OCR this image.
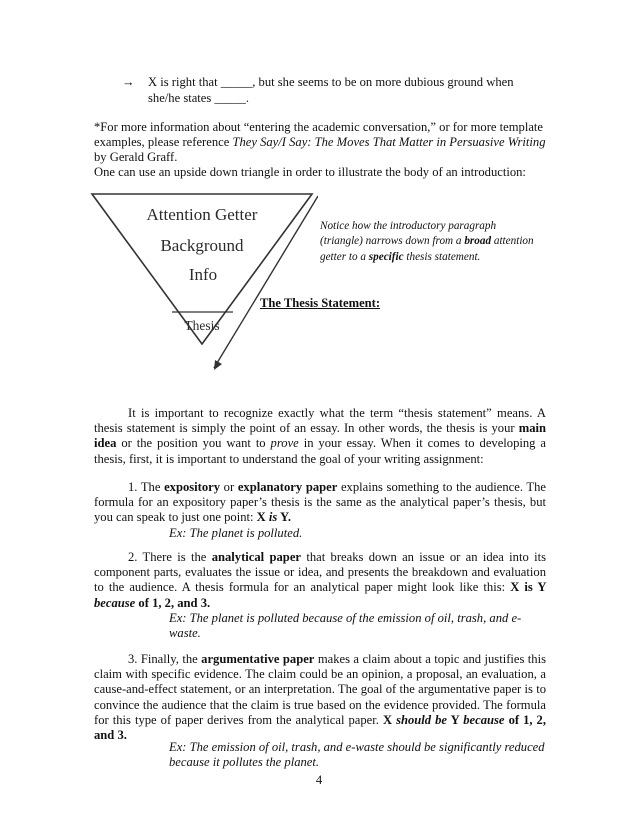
→ X is right that _____, but she seems to be on more dubious ground when
she/he states _____.
*For more information about “entering the academic conversation,” or for more template examples, please reference They Say/I Say: The Moves That Matter in Persuasive Writing by Gerald Graff.
One can use an upside down triangle in order to illustrate the body of an introduction:
Attention Getter
Background
Info
Thesis
Notice how the introductory paragraph (triangle) narrows down from a broad attention getter to a specific thesis statement.
The Thesis Statement:
It is important to recognize exactly what the term “thesis statement” means. A thesis statement is simply the point of an essay. In other words, the thesis is your main idea or the position you want to prove in your essay. When it comes to developing a thesis, first, it is important to understand the goal of your writing assignment:
1. The expository or explanatory paper explains something to the audience. The formula for an expository paper’s thesis is the same as the analytical paper’s thesis, but you can speak to just one point: X is Y.
Ex: The planet is polluted.
2. There is the analytical paper that breaks down an issue or an idea into its component parts, evaluates the issue or idea, and presents the breakdown and evaluation to the audience. A thesis formula for an analytical paper might look like this: X is Y because of 1, 2, and 3.
Ex: The planet is polluted because of the emission of oil, trash, and e-waste.
3. Finally, the argumentative paper makes a claim about a topic and justifies this claim with specific evidence. The claim could be an opinion, a proposal, an evaluation, a cause-and-effect statement, or an interpretation. The goal of the argumentative paper is to convince the audience that the claim is true based on the evidence provided. The formula for this type of paper derives from the analytical paper. X should be Y because of 1, 2, and 3.
Ex: The emission of oil, trash, and e-waste should be significantly reduced because it pollutes the planet.
4
